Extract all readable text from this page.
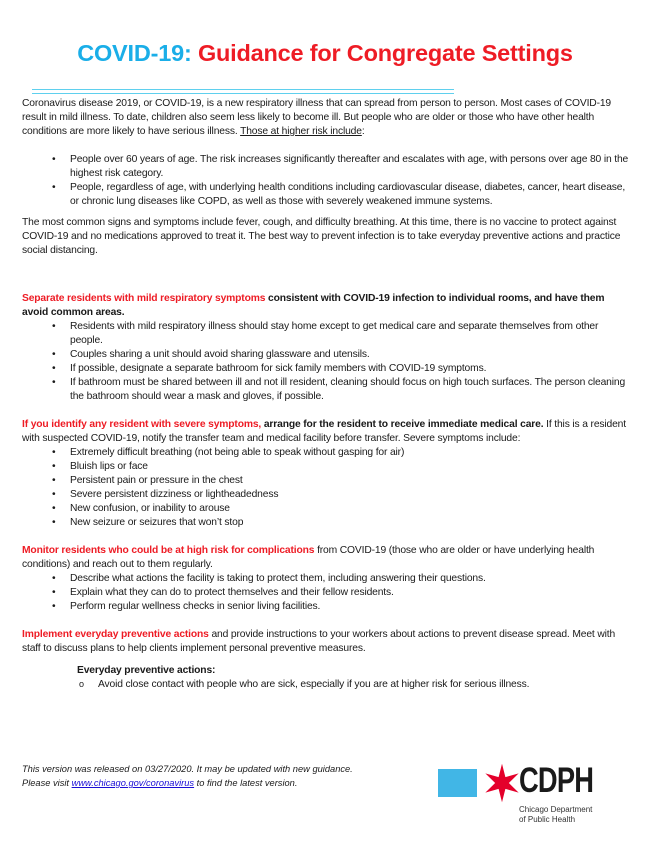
COVID-19: Guidance for Congregate Settings

Coronavirus disease 2019, or COVID-19, is a new respiratory illness that can spread from person to person. Most cases of COVID-19 result in mild illness. To date, children also seem less likely to become ill. But people who are older or those who have other health conditions are more likely to have serious illness. Those at higher risk include:

• People over 60 years of age. The risk increases significantly thereafter and escalates with age, with persons over age 80 in the highest risk category.
• People, regardless of age, with underlying health conditions including cardiovascular disease, diabetes, cancer, heart disease, or chronic lung diseases like COPD, as well as those with severely weakened immune systems.

The most common signs and symptoms include fever, cough, and difficulty breathing. At this time, there is no vaccine to protect against COVID-19 and no medications approved to treat it. The best way to prevent infection is to take everyday preventive actions and practice social distancing.

Separate residents with mild respiratory symptoms consistent with COVID-19 infection to individual rooms, and have them avoid common areas.

• Residents with mild respiratory illness should stay home except to get medical care and separate themselves from other people.
• Couples sharing a unit should avoid sharing glassware and utensils.
• If possible, designate a separate bathroom for sick family members with COVID-19 symptoms.
• If bathroom must be shared between ill and not ill resident, cleaning should focus on high touch surfaces. The person cleaning the bathroom should wear a mask and gloves, if possible.

If you identify any resident with severe symptoms, arrange for the resident to receive immediate medical care. If this is a resident with suspected COVID-19, notify the transfer team and medical facility before transfer. Severe symptoms include:

• Extremely difficult breathing (not being able to speak without gasping for air)
• Bluish lips or face
• Persistent pain or pressure in the chest
• Severe persistent dizziness or lightheadedness
• New confusion, or inability to arouse
• New seizure or seizures that won’t stop

Monitor residents who could be at high risk for complications from COVID-19 (those who are older or have underlying health conditions) and reach out to them regularly.

• Describe what actions the facility is taking to protect them, including answering their questions.
• Explain what they can do to protect themselves and their fellow residents.
• Perform regular wellness checks in senior living facilities.

Implement everyday preventive actions and provide instructions to your workers about actions to prevent disease spread. Meet with staff to discuss plans to help clients implement personal preventive measures.

Everyday preventive actions:

o Avoid close contact with people who are sick, especially if you are at higher risk for serious illness.
This version was released on 03/27/2020. It may be updated with new guidance.
Please visit www.chicago.gov/coronavirus to find the latest version.	CDPH
Chicago Department
of Public Health
